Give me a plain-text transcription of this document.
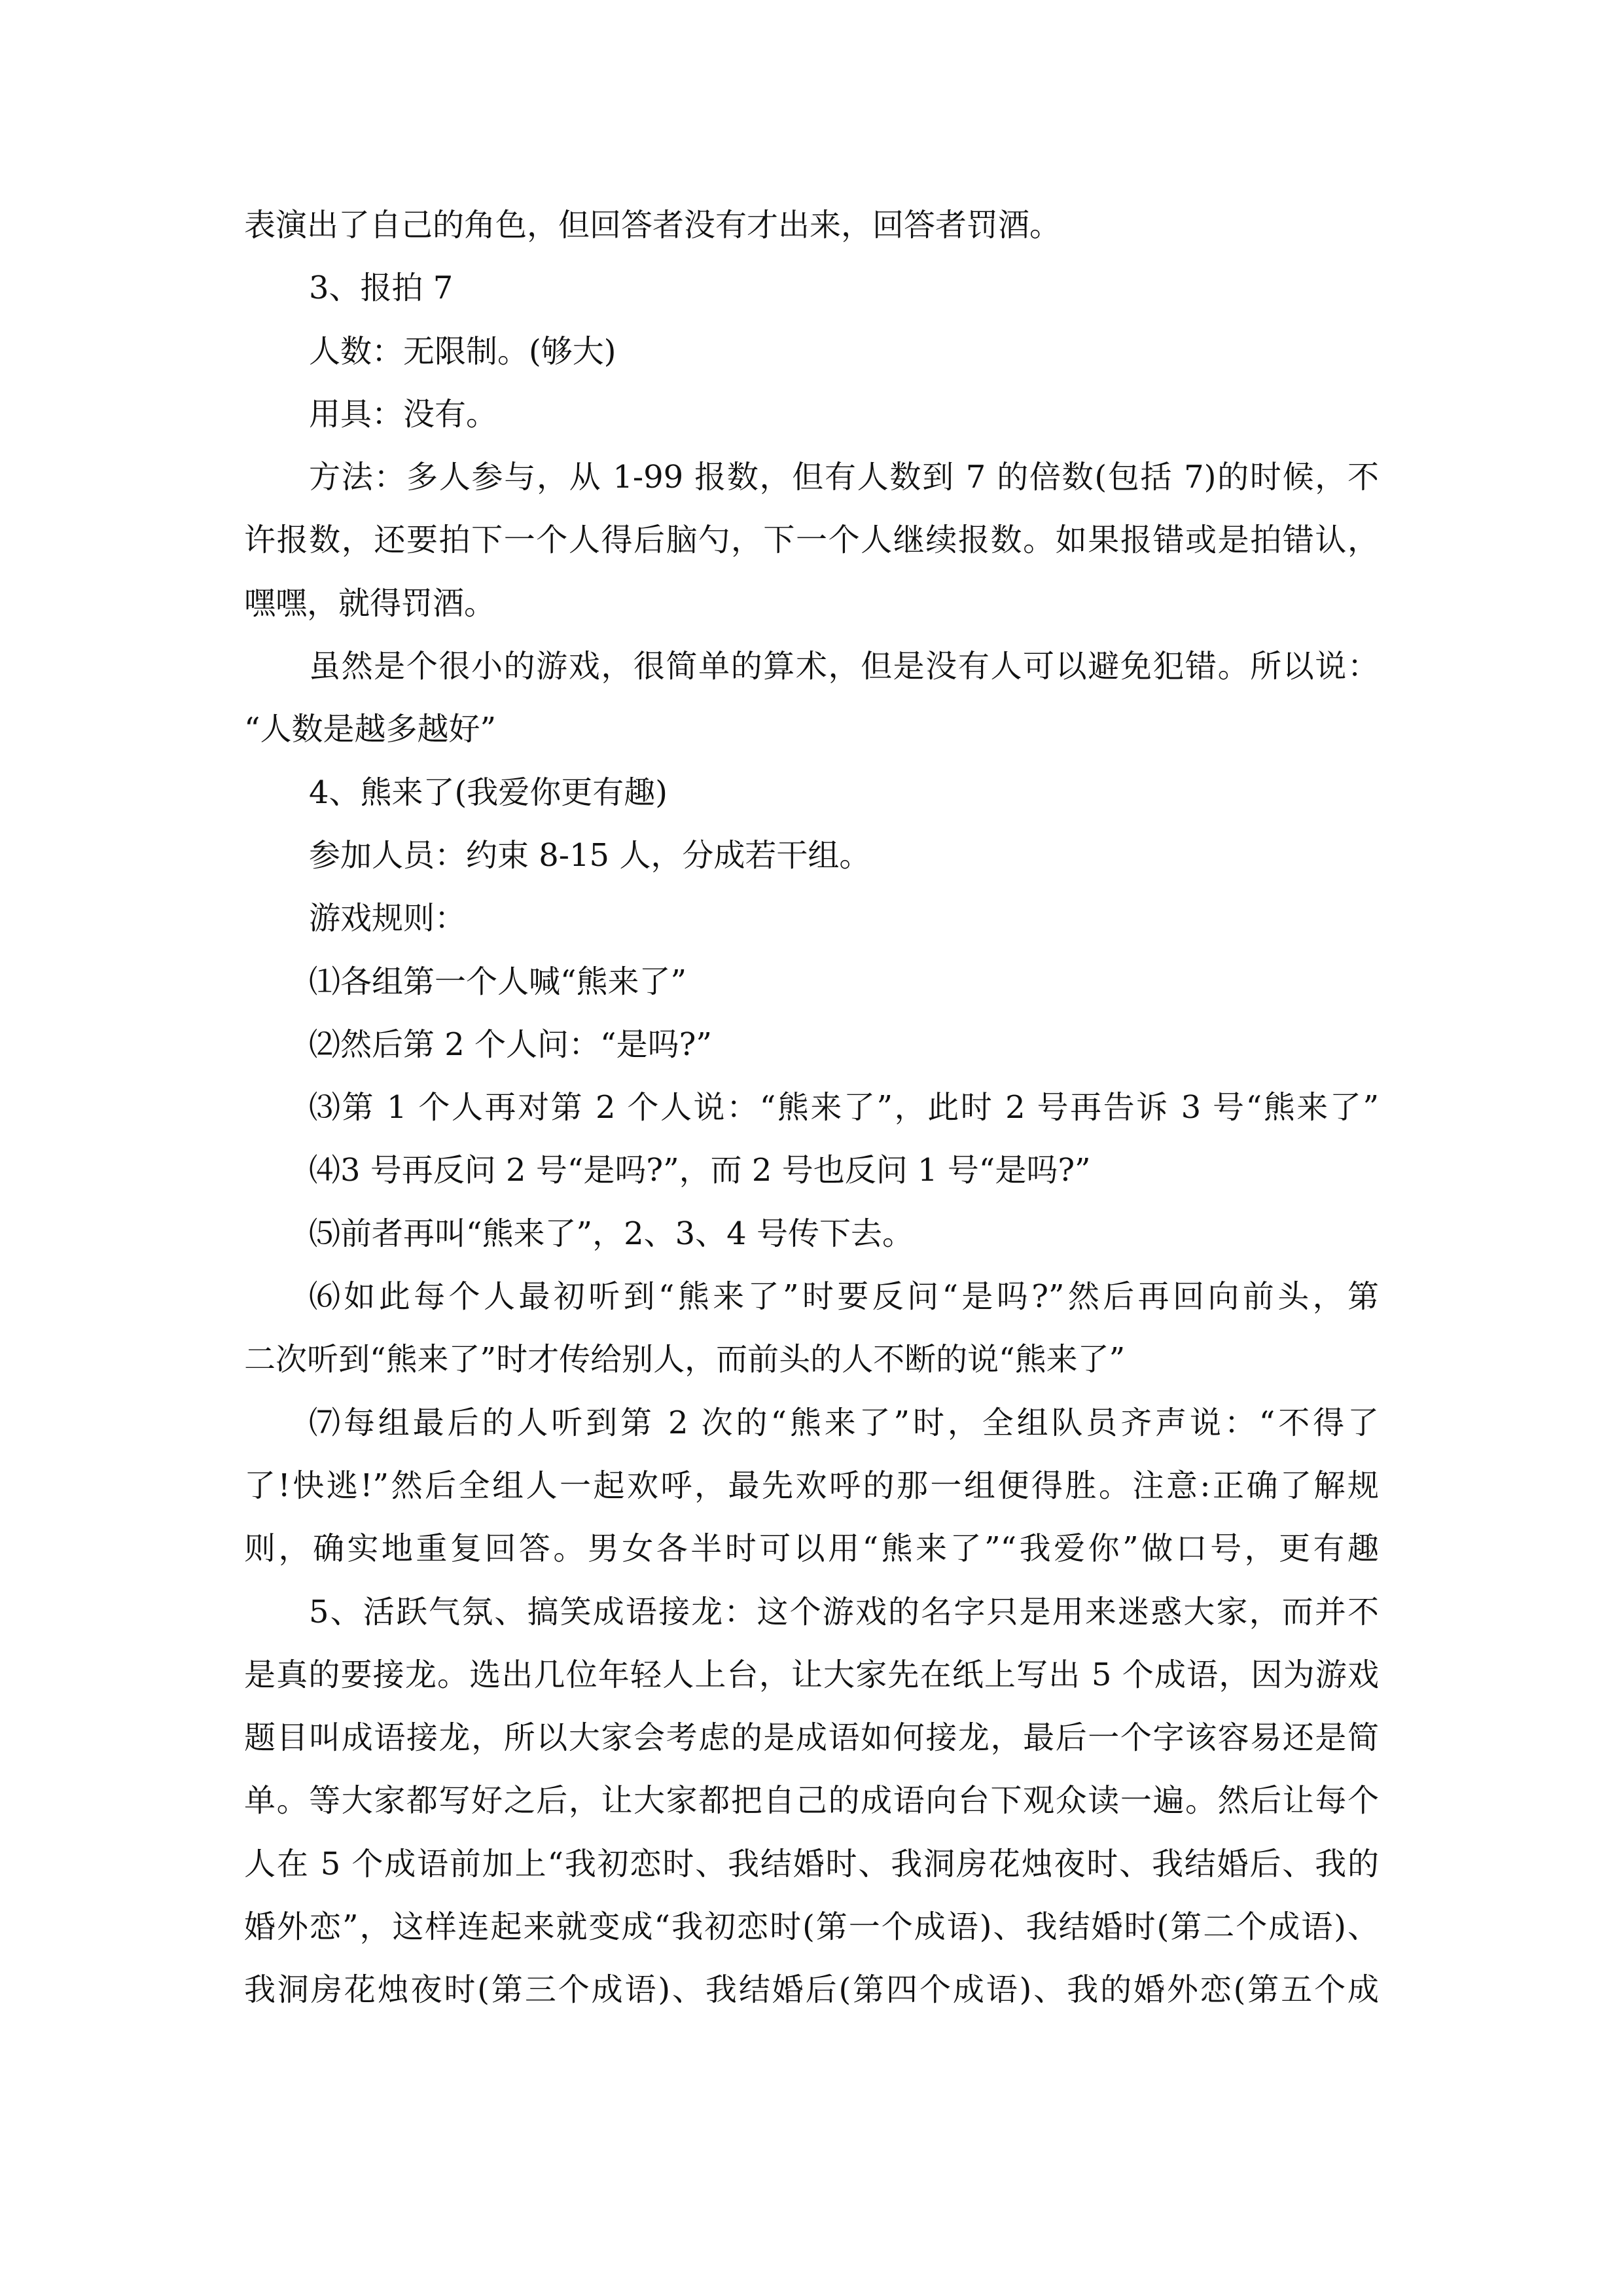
表演出了自己的角色，但回答者没有才出来，回答者罚酒。
3、报拍 7
人数：无限制。(够大)
用具：没有。
方法：多人参与，从 1-99 报数，但有人数到 7 的倍数(包括 7)的时候，不
许报数，还要拍下一个人得后脑勺，下一个人继续报数。如果报错或是拍错认，
嘿嘿，就得罚酒。
虽然是个很小的游戏，很简单的算术，但是没有人可以避免犯错。所以说：
“人数是越多越好”
4、熊来了(我爱你更有趣)
参加人员：约束 8-15 人，分成若干组。
游戏规则：
⑴各组第一个人喊“熊来了”
⑵然后第 2 个人问：“是吗?”
⑶第 1 个人再对第 2 个人说：“熊来了”，此时 2 号再告诉 3 号“熊来了”
⑷3 号再反问 2 号“是吗?”，而 2 号也反问 1 号“是吗?”
⑸前者再叫“熊来了”，2、3、4 号传下去。
⑹如此每个人最初听到“熊来了”时要反问“是吗?”然后再回向前头，第
二次听到“熊来了”时才传给别人，而前头的人不断的说“熊来了”
⑺每组最后的人听到第 2 次的“熊来了”时，全组队员齐声说：“不得了
了!快逃!”然后全组人一起欢呼，最先欢呼的那一组便得胜。注意:正确了解规
则，确实地重复回答。男女各半时可以用“熊来了”“我爱你”做口号，更有趣
5、活跃气氛、搞笑成语接龙：这个游戏的名字只是用来迷惑大家，而并不
是真的要接龙。选出几位年轻人上台，让大家先在纸上写出 5 个成语，因为游戏
题目叫成语接龙，所以大家会考虑的是成语如何接龙，最后一个字该容易还是简
单。等大家都写好之后，让大家都把自己的成语向台下观众读一遍。然后让每个
人在 5 个成语前加上“我初恋时、我结婚时、我洞房花烛夜时、我结婚后、我的
婚外恋”，这样连起来就变成“我初恋时(第一个成语)、我结婚时(第二个成语)、
我洞房花烛夜时(第三个成语)、我结婚后(第四个成语)、我的婚外恋(第五个成
